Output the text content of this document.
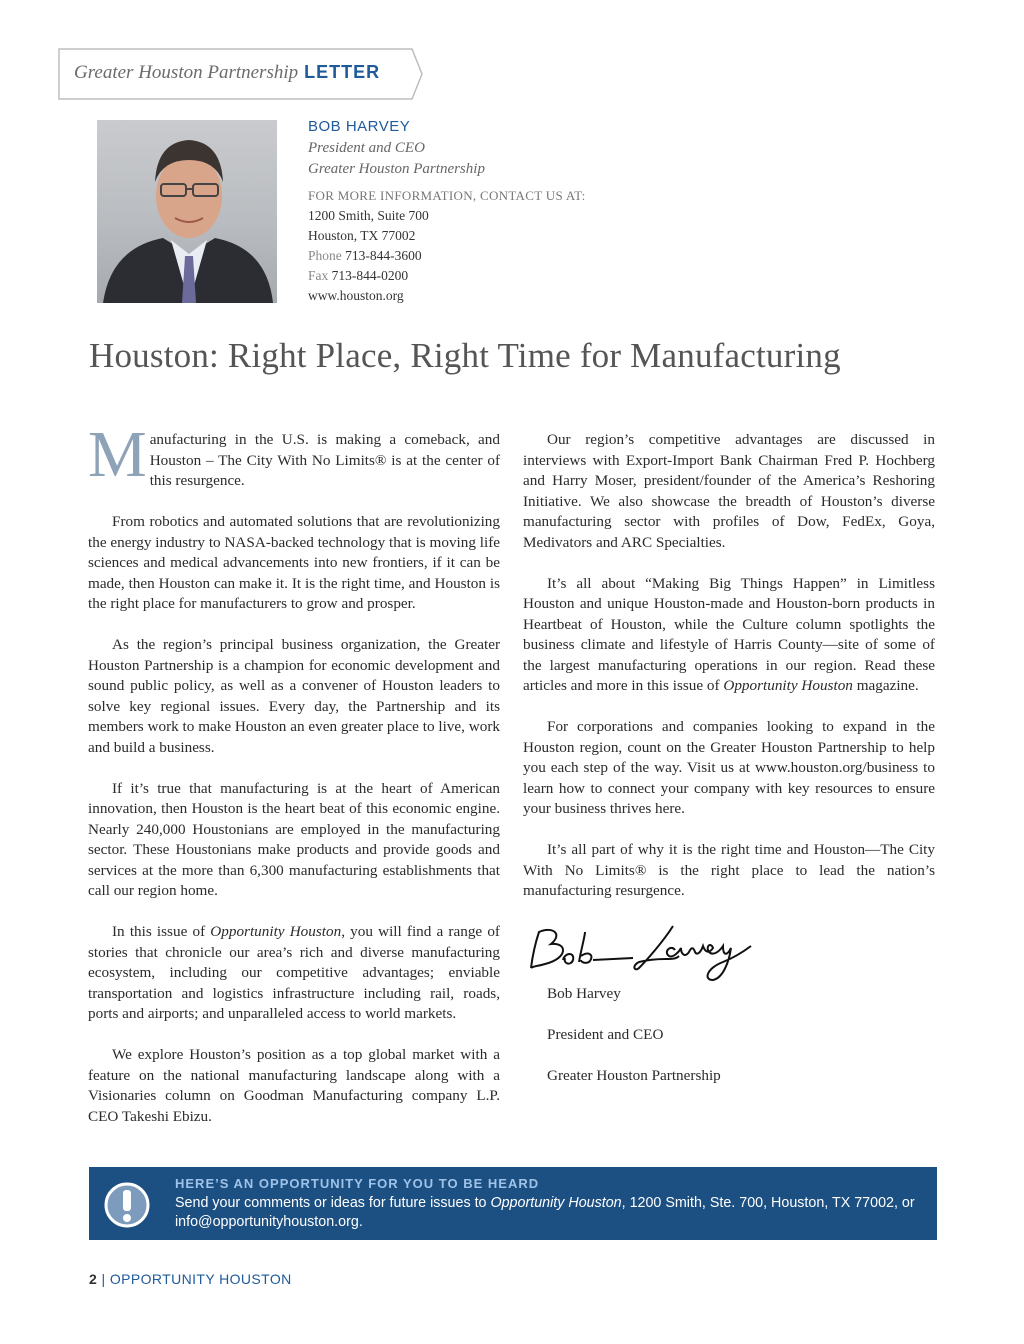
Greater Houston Partnership LETTER

BOB HARVEY

President and CEO

Greater Houston Partnership

FOR MORE INFORMATION, CONTACT US AT:

1200 Smith, Suite 700

Houston, TX 77002

Phone 713-844-3600

Fax 713-844-0200

www.houston.org

Houston: Right Place, Right Time for Manufacturing

Manufacturing in the U.S. is making a comeback, and Houston – The City With No Limits® is at the center of this resurgence.

From robotics and automated solutions that are revolutionizing the energy industry to NASA-backed technology that is moving life sciences and medical advancements into new frontiers, if it can be made, then Houston can make it. It is the right time, and Houston is the right place for manufacturers to grow and prosper.

As the region’s principal business organization, the Greater Houston Partnership is a champion for economic development and sound public policy, as well as a convener of Houston leaders to solve key regional issues. Every day, the Partnership and its members work to make Houston an even greater place to live, work and build a business.

If it’s true that manufacturing is at the heart of American innovation, then Houston is the heart beat of this economic engine. Nearly 240,000 Houstonians are employed in the manufacturing sector. These Houstonians make products and provide goods and services at the more than 6,300 manufacturing establishments that call our region home.

In this issue of Opportunity Houston, you will find a range of stories that chronicle our area’s rich and diverse manufacturing ecosystem, including our competitive advantages; enviable transportation and logistics infrastructure including rail, roads, ports and airports; and unparalleled access to world markets.

We explore Houston’s position as a top global market with a feature on the national manufacturing landscape along with a Visionaries column on Goodman Manufacturing company L.P. CEO Takeshi Ebizu.

Our region’s competitive advantages are discussed in interviews with Export-Import Bank Chairman Fred P. Hochberg and Harry Moser, president/founder of the America’s Reshoring Initiative. We also showcase the breadth of Houston’s diverse manufacturing sector with profiles of Dow, FedEx, Goya, Medivators and ARC Specialties.

It’s all about “Making Big Things Happen” in Limitless Houston and unique Houston-made and Houston-born products in Heartbeat of Houston, while the Culture column spotlights the business climate and lifestyle of Harris County—site of some of the largest manufacturing operations in our region. Read these articles and more in this issue of Opportunity Houston magazine.

For corporations and companies looking to expand in the Houston region, count on the Greater Houston Partnership to help you each step of the way. Visit us at www.houston.org/business to learn how to connect your company with key resources to ensure your business thrives here.

It’s all part of why it is the right time and Houston—The City With No Limits® is the right place to lead the nation’s manufacturing resurgence.

Bob Harvey

President and CEO

Greater Houston Partnership

HERE’S AN OPPORTUNITY FOR YOU TO BE HEARD

Send your comments or ideas for future issues to Opportunity Houston, 1200 Smith, Ste. 700, Houston, TX 77002, or info@opportunityhouston.org.

2 | OPPORTUNITY HOUSTON
